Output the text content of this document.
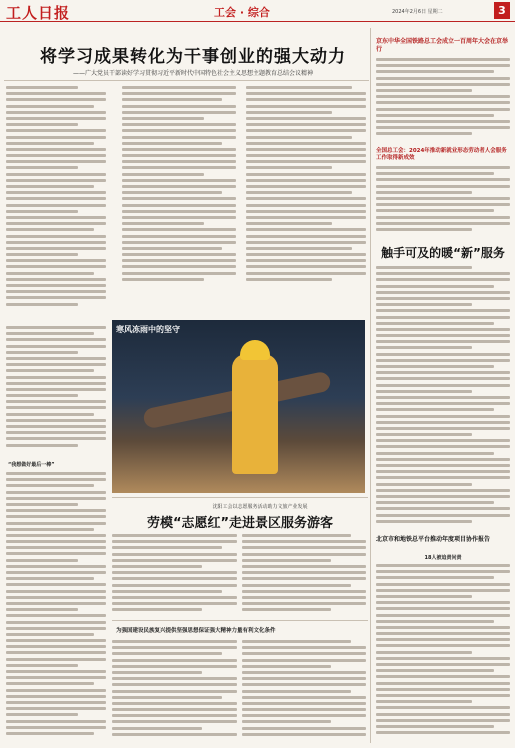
工人日报	工会 · 综合	2024年2月6日 星期二	3
将学习成果转化为干事创业的强大动力
——广大党员干部读好学习贯彻习近平新时代中国特色社会主义思想主题教育总结会议精神
“我想做好最后一棒”
寒风冻雨中的坚守
沈阳工会以志愿服务活动助力文旅产业发展
劳模“志愿红”走进景区服务游客
为强国建设民族复兴提供坚强思想保证强大精神力量有利文化条件
京东中华全国铁路总工会成立一百周年大会在京举行
全国总工会：2024年推动新就业形态劳动者人会服务工作取得新成效
触手可及的暖“新”服务
北京市和地铁总平台推动年度项目协作报告
18人被追责问责
